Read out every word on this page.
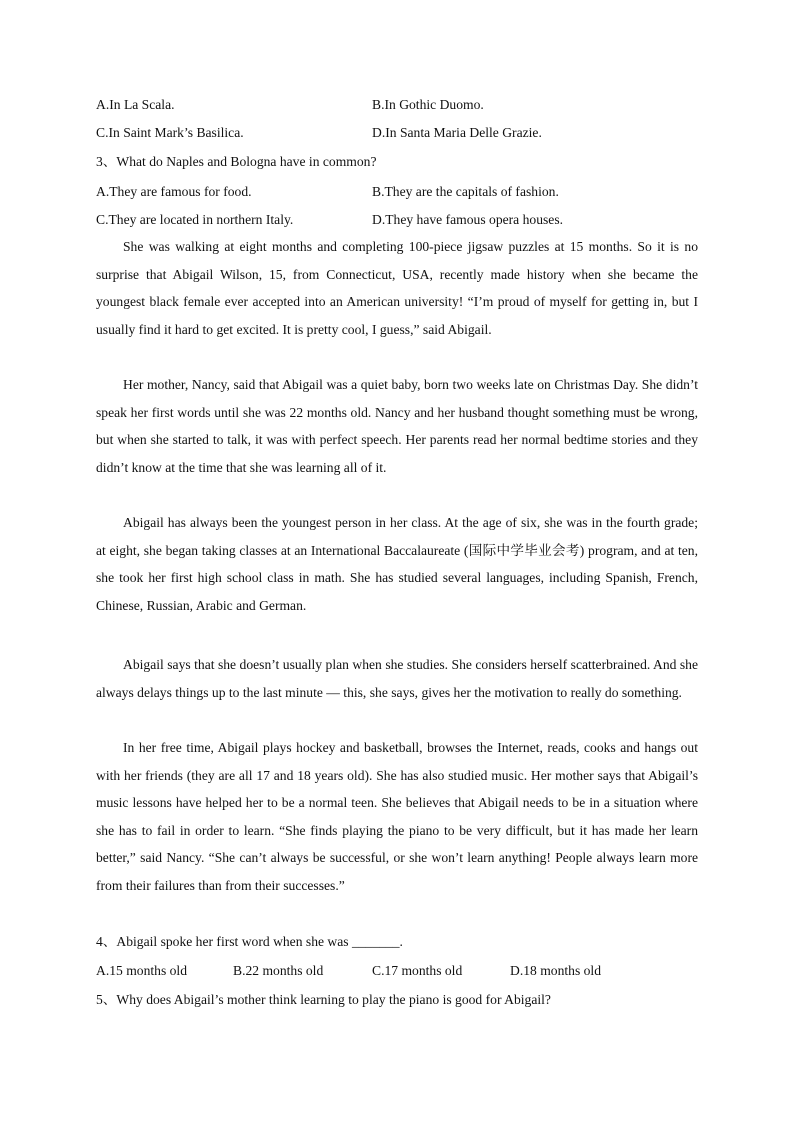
A.In La Scala.	B.In Gothic Duomo.
C.In Saint Mark’s Basilica.	D.In Santa Maria Delle Grazie.
3、What do Naples and Bologna have in common?
A.They are famous for food.	B.They are the capitals of fashion.
C.They are located in northern Italy.	D.They have famous opera houses.

She was walking at eight months and completing 100-piece jigsaw puzzles at 15 months. So it is no surprise that Abigail Wilson, 15, from Connecticut, USA, recently made history when she became the youngest black female ever accepted into an American university! “I’m proud of myself for getting in, but I usually find it hard to get excited. It is pretty cool, I guess,” said Abigail.

Her mother, Nancy, said that Abigail was a quiet baby, born two weeks late on Christmas Day. She didn’t speak her first words until she was 22 months old. Nancy and her husband thought something must be wrong, but when she started to talk, it was with perfect speech. Her parents read her normal bedtime stories and they didn’t know at the time that she was learning all of it.

Abigail has always been the youngest person in her class. At the age of six, she was in the fourth grade; at eight, she began taking classes at an International Baccalaureate (国际中学毕业会考) program, and at ten, she took her first high school class in math. She has studied several languages, including Spanish, French, Chinese, Russian, Arabic and German.

Abigail says that she doesn’t usually plan when she studies. She considers herself scatterbrained. And she always delays things up to the last minute — this, she says, gives her the motivation to really do something.

In her free time, Abigail plays hockey and basketball, browses the Internet, reads, cooks and hangs out with her friends (they are all 17 and 18 years old). She has also studied music. Her mother says that Abigail’s music lessons have helped her to be a normal teen. She believes that Abigail needs to be in a situation where she has to fail in order to learn. “She finds playing the piano to be very difficult, but it has made her learn better,” said Nancy. “She can’t always be successful, or she won’t learn anything! People always learn more from their failures than from their successes.”

4、Abigail spoke her first word when she was _______.
A.15 months old	B.22 months old	C.17 months old	D.18 months old
5、Why does Abigail’s mother think learning to play the piano is good for Abigail?
